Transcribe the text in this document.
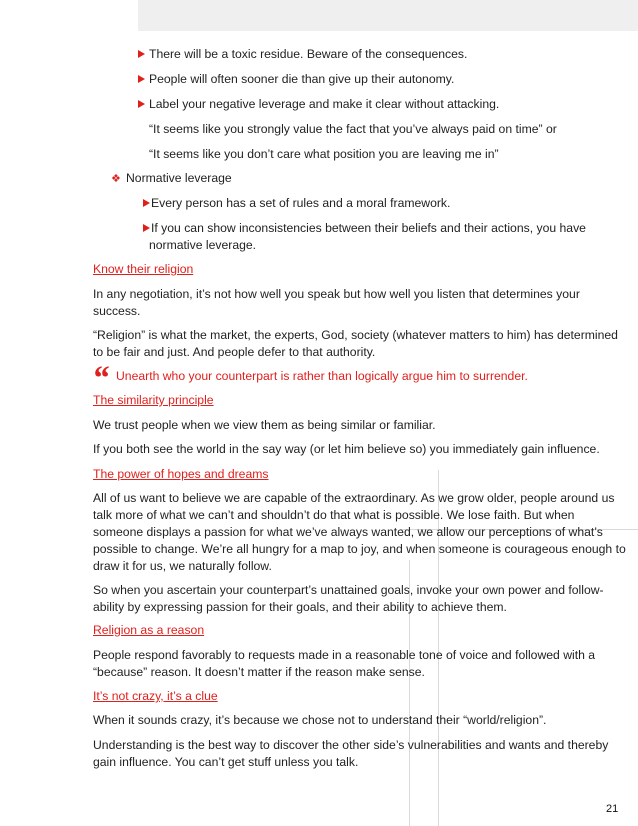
There will be a toxic residue. Beware of the consequences.
People will often sooner die than give up their autonomy.
Label your negative leverage and make it clear without attacking.
“It seems like you strongly value the fact that you’ve always paid on time” or
“It seems like you don’t care what position you are leaving me in”
❖ Normative leverage
Every person has a set of rules and a moral framework.
If you can show inconsistencies between their beliefs and their actions, you have
normative leverage.
Know their religion
In any negotiation, it’s not how well you speak but how well you listen that determines your
success.
“Religion” is what the market, the experts, God, society (whatever matters to him) has determined
to be fair and just. And people defer to that authority.
“ Unearth who your counterpart is rather than logically argue him to surrender.
The similarity principle
We trust people when we view them as being similar or familiar.
If you both see the world in the say way (or let him believe so) you immediately gain influence.
The power of hopes and dreams
All of us want to believe we are capable of the extraordinary. As we grow older, people around us
talk more of what we can’t and shouldn’t do that what is possible. We lose faith. But when
someone displays a passion for what we’ve always wanted, we allow our perceptions of what’s
possible to change. We’re all hungry for a map to joy, and when someone is courageous enough to
draw it for us, we naturally follow.
So when you ascertain your counterpart’s unattained goals, invoke your own power and follow-
ability by expressing passion for their goals, and their ability to achieve them.
Religion as a reason
People respond favorably to requests made in a reasonable tone of voice and followed with a
“because” reason. It doesn’t matter if the reason make sense.
It’s not crazy, it’s a clue
When it sounds crazy, it’s because we chose not to understand their “world/religion”.
Understanding is the best way to discover the other side’s vulnerabilities and wants and thereby
gain influence. You can’t get stuff unless you talk.
21
